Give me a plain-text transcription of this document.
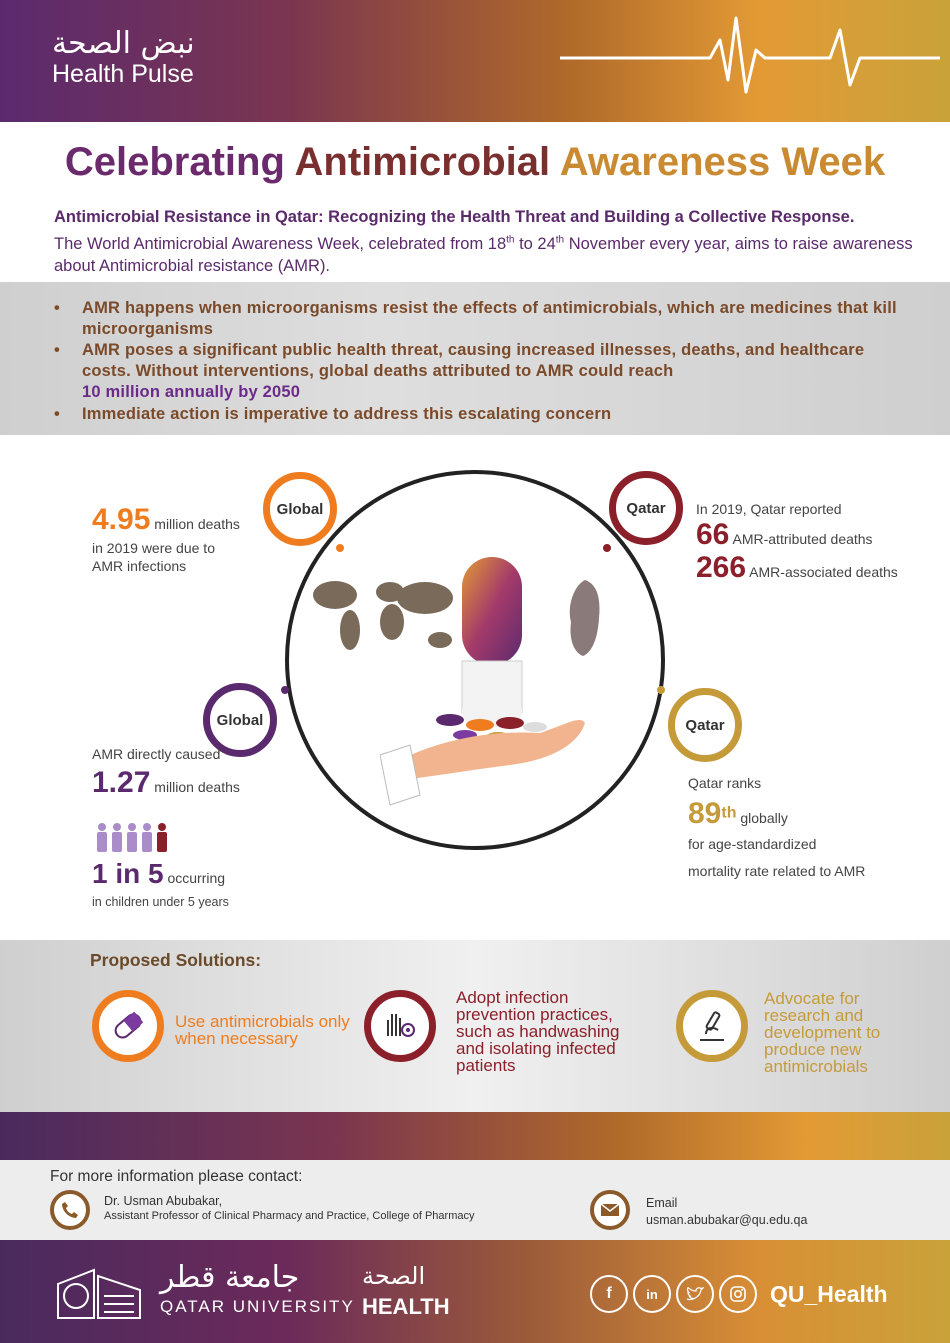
نبض الصحة
Health Pulse
Celebrating Antimicrobial Awareness Week
Antimicrobial Resistance in Qatar: Recognizing the Health Threat and Building a Collective Response.
The World Antimicrobial Awareness Week, celebrated from 18th to 24th November every year, aims to raise awareness about Antimicrobial resistance (AMR).
• AMR happens when microorganisms resist the effects of antimicrobials, which are medicines that kill microorganisms
• AMR poses a significant public health threat, causing increased illnesses, deaths, and healthcare costs. Without interventions, global deaths attributed to AMR could reach
10 million annually by 2050
• Immediate action is imperative to address this escalating concern
Global
4.95 million deaths
in 2019 were due to
AMR infections
Qatar	In 2019, Qatar reported
66 AMR-attributed deaths
266 AMR-associated deaths
Global
AMR directly caused
1.27 million deaths
1 in 5 occurring
in children under 5 years
Qatar
Qatar ranks
89th globally
for age-standardized
mortality rate related to AMR
Proposed Solutions:
Use antimicrobials only when necessary
Adopt infection prevention practices, such as handwashing and isolating infected patients
Advocate for research and development to produce new antimicrobials
For more information please contact:
Dr. Usman Abubakar,
Assistant Professor of Clinical Pharmacy and Practice, College of Pharmacy
Email
usman.abubakar@qu.edu.qa
جامعة قطر
QATAR UNIVERSITY
الصحة
HEALTH
f	in	QU_Health
